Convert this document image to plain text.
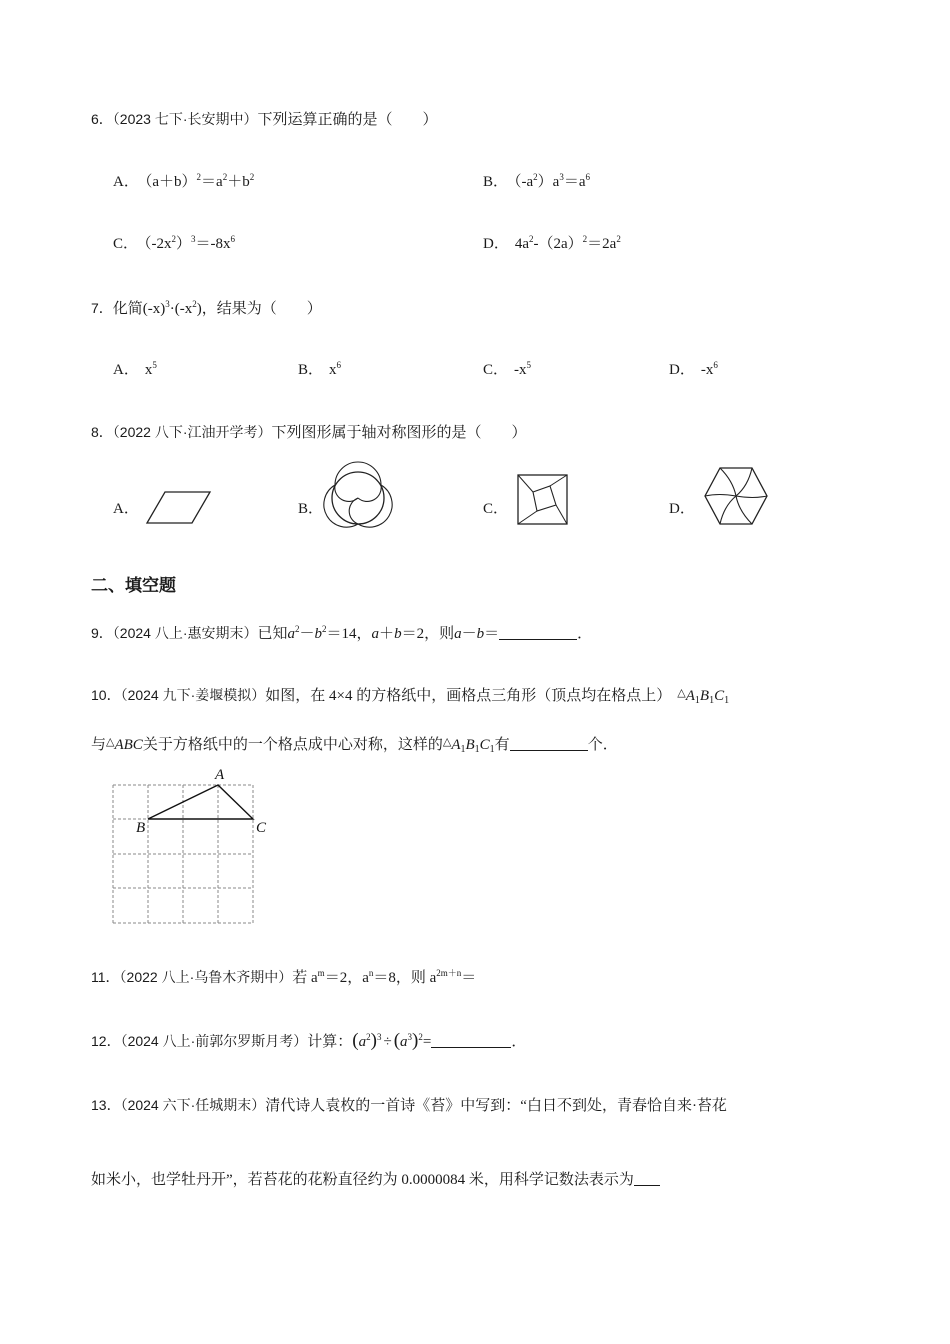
6．（2023 七下·长安期中）下列运算正确的是（　　）
A． $(a+b)^2=a^2+b^2$	B． $(-a^2)a^3=a^6$
C． $(-2x^2)^3=-8x^6$	D． $4a^2-(2a)^2=2a^2$
7．化简$(-x)^3\cdot(-x^2)$，结果为（　　）
A． $x^5$	B． $x^6$	C． $-x^5$	D． $-x^6$
8．（2022 八下·江油开学考）下列图形属于轴对称图形的是（　　）
A．	B．	C．	D．
二、填空题
9．（2024 八上·惠安期末）已知$a^2-b^2=14$，a＋b＝2，则a－b＝	．
10．（2024 九下·姜堰模拟）如图，在 4×4 的方格纸中，画格点三角形（顶点均在格点上） $^\triangle A_1B_1C_1$
与△ABC关于方格纸中的一个格点成中心对称，这样的$^\triangle A_1B_1C_1$有	个．
A
B	C
11．（2022 八上·乌鲁木齐期中）若 $a^m=2$，$a^n=8$，则 $a^{2m+n}=$
12．（2024 八上·前郭尔罗斯月考）计算：$(a^2)^3 \div (a^3)^2=$	．
13．（2024 六下·任城期末）清代诗人袁枚的一首诗《苔》中写到：“白日不到处，青春恰自来·苔花
如米小，也学牡丹开”，若苔花的花粉直径约为 0.0000084 米，用科学记数法表示为
